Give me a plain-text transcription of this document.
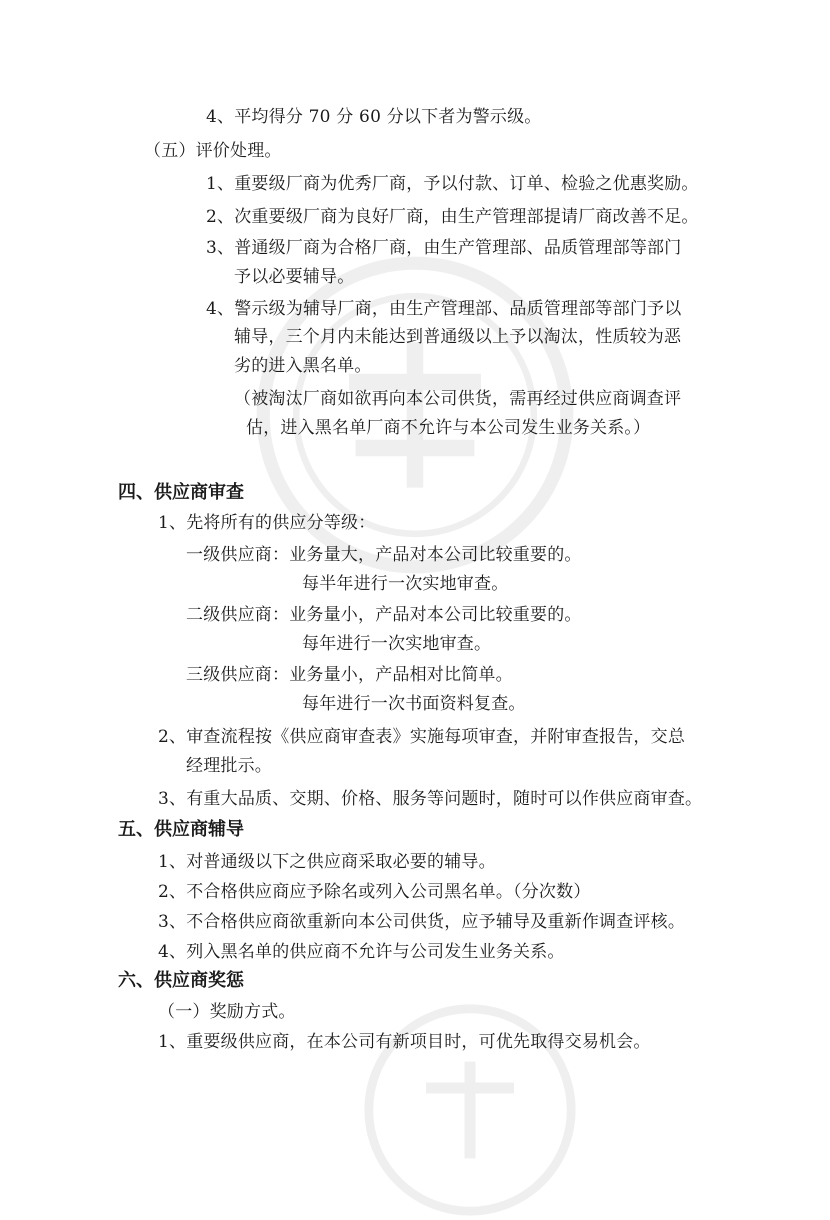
4、平均得分 70 分 60 分以下者为警示级。
（五）评价处理。
1、重要级厂商为优秀厂商，予以付款、订单、检验之优惠奖励。
2、次重要级厂商为良好厂商，由生产管理部提请厂商改善不足。
3、普通级厂商为合格厂商，由生产管理部、品质管理部等部门
予以必要辅导。
4、警示级为辅导厂商，由生产管理部、品质管理部等部门予以
辅导，三个月内未能达到普通级以上予以淘汰，性质较为恶
劣的进入黑名单。
（被淘汰厂商如欲再向本公司供货，需再经过供应商调查评
估，进入黑名单厂商不允许与本公司发生业务关系。）
四、供应商审查
1、先将所有的供应分等级：
一级供应商：业务量大，产品对本公司比较重要的。
每半年进行一次实地审查。
二级供应商：业务量小，产品对本公司比较重要的。
每年进行一次实地审查。
三级供应商：业务量小，产品相对比简单。
每年进行一次书面资料复查。
2、审查流程按《供应商审查表》实施每项审查，并附审查报告，交总
经理批示。
3、有重大品质、交期、价格、服务等问题时，随时可以作供应商审查。
五、供应商辅导
1、对普通级以下之供应商采取必要的辅导。
2、不合格供应商应予除名或列入公司黑名单。（分次数）
3、不合格供应商欲重新向本公司供货，应予辅导及重新作调查评核。
4、列入黑名单的供应商不允许与公司发生业务关系。
六、供应商奖惩
（一）奖励方式。
1、重要级供应商，在本公司有新项目时，可优先取得交易机会。
